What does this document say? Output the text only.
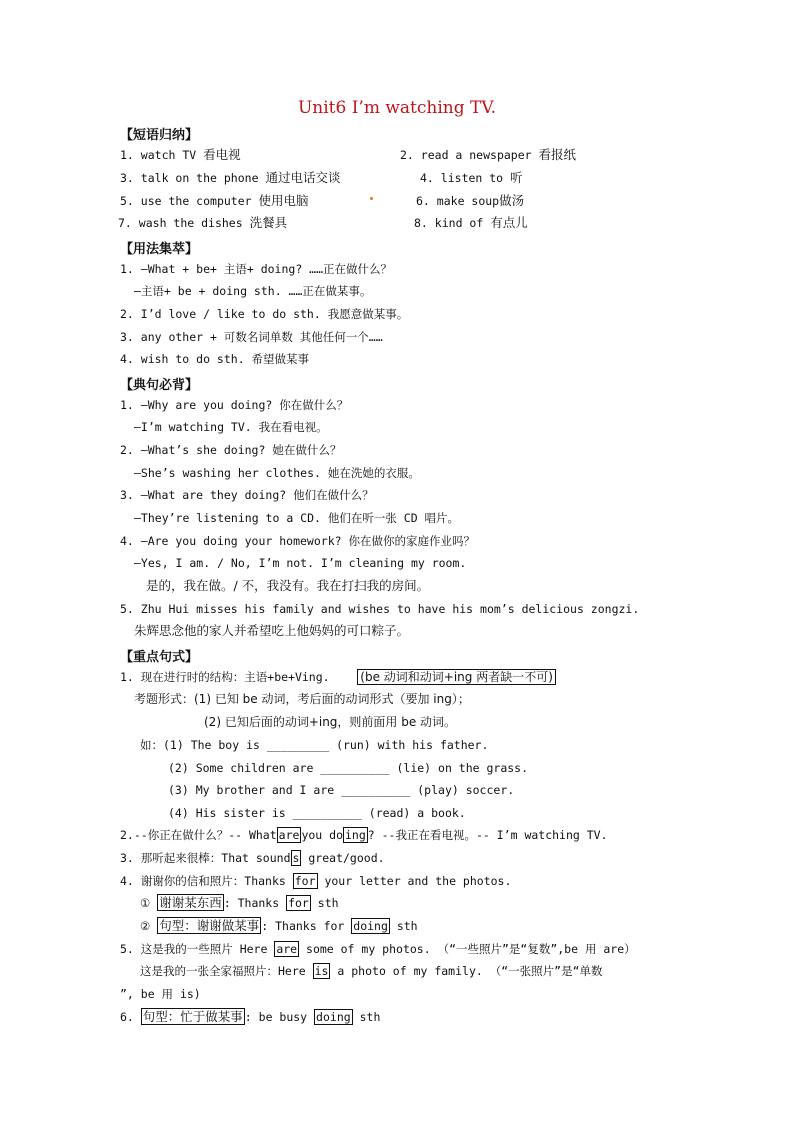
Unit6 I’m watching TV.
【短语归纳】
1. watch TV 看电视	2. read a newspaper 看报纸
3. talk on the phone 通过电话交谈	4. listen to 听
5. use the computer 使用电脑	6. make soup做汤
7. wash the dishes 洗餐具	8. kind of 有点儿
【用法集萃】
1. —What + be+ 主语+ doing? ……正在做什么？
—主语+ be + doing sth. ……正在做某事。
2. I’d love / like to do sth. 我愿意做某事。
3. any other + 可数名词单数 其他任何一个……
4. wish to do sth. 希望做某事
【典句必背】
1. —Why are you doing? 你在做什么？
—I’m watching TV. 我在看电视。
2. —What’s she doing? 她在做什么？
—She’s washing her clothes. 她在洗她的衣服。
3. —What are they doing? 他们在做什么？
—They’re listening to a CD. 他们在听一张 CD 唱片。
4. —Are you doing your homework? 你在做你的家庭作业吗？
—Yes, I am. / No, I’m not. I’m cleaning my room.
是的，我在做。/ 不，我没有。我在打扫我的房间。
5. Zhu Hui misses his family and wishes to have his mom’s delicious zongzi.
朱辉思念他的家人并希望吃上他妈妈的可口粽子。
【重点句式】
1. 现在进行时的结构：主语+be+Ving.	(be 动词和动词+ing 两者缺一不可)
考题形式：(1) 已知 be 动词，考后面的动词形式（要加 ing）；
(2) 已知后面的动词+ing，则前面用 be 动词。
如：(1) The boy is _________ (run) with his father.
(2) Some children are __________ (lie) on the grass.
(3) My brother and I are __________ (play) soccer.
(4) His sister is __________ (read) a book.
2.--你正在做什么？-- What are you do ing ? --我正在看电视。-- I’m watching TV.
3. 那听起来很棒：That sound s great/good.
4. 谢谢你的信和照片：Thanks for your letter and the photos.
① 谢谢某东西 : Thanks for sth
② 句型：谢谢做某事 : Thanks for doing sth
5. 这是我的一些照片 Here are some of my photos. （“一些照片”是“复数”,be 用 are）
这是我的一张全家福照片：Here is a photo of my family. （“一张照片”是“单数
”, be 用 is)
6. 句型：忙于做某事 : be busy doing sth
